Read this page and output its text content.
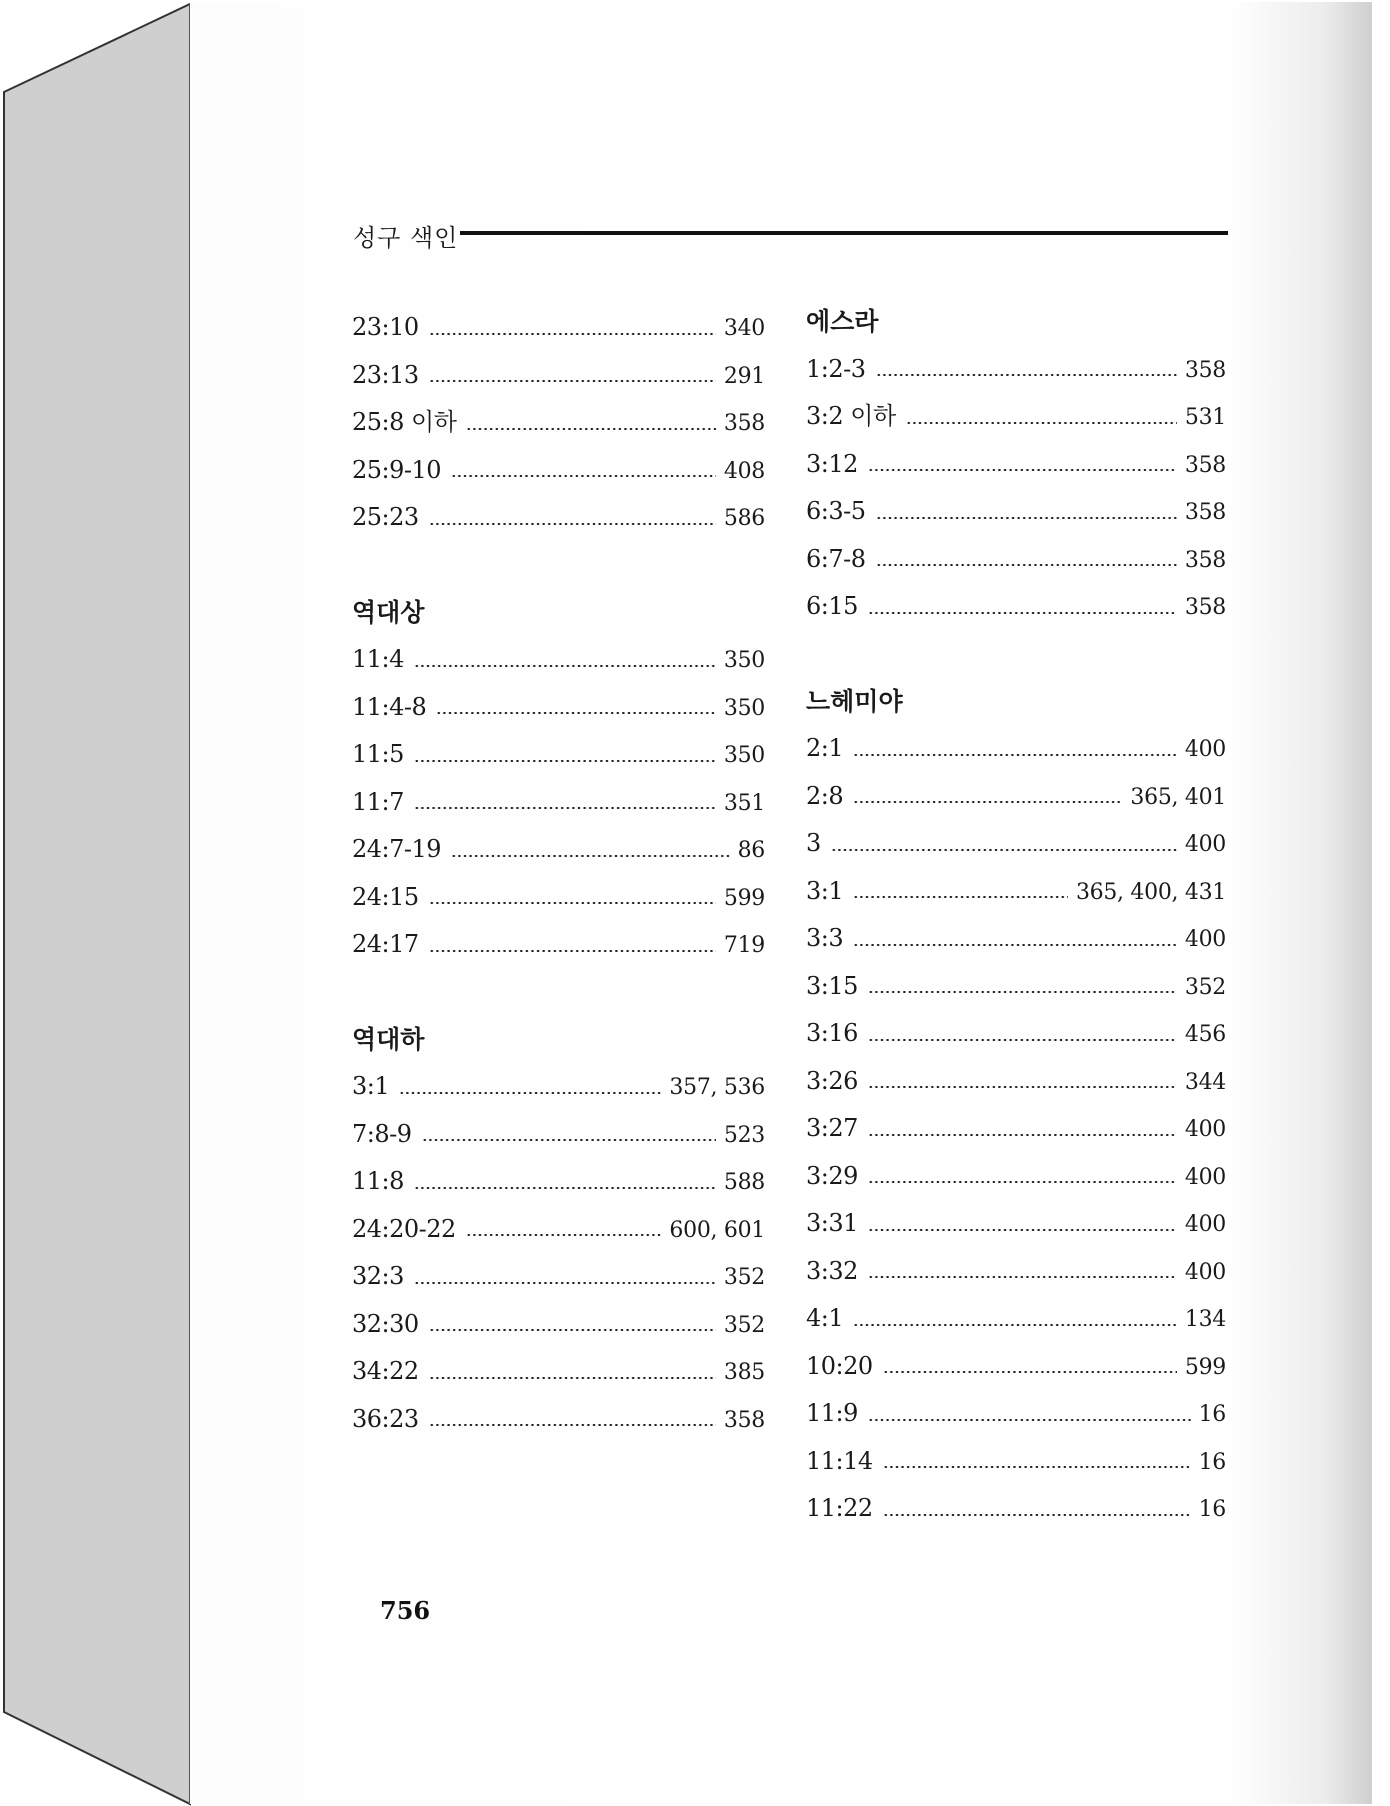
성구 색인
23:10	340
23:13	291
25:8 이하	358
25:9-10	408
25:23	586
역대상
11:4	350
11:4-8	350
11:5	350
11:7	351
24:7-19	86
24:15	599
24:17	719
역대하
3:1	357, 536
7:8-9	523
11:8	588
24:20-22	600, 601
32:3	352
32:30	352
34:22	385
36:23	358
에스라
1:2-3	358
3:2 이하	531
3:12	358
6:3-5	358
6:7-8	358
6:15	358
느헤미야
2:1	400
2:8	365, 401
3	400
3:1	365, 400, 431
3:3	400
3:15	352
3:16	456
3:26	344
3:27	400
3:29	400
3:31	400
3:32	400
4:1	134
10:20	599
11:9	16
11:14	16
11:22	16
756
